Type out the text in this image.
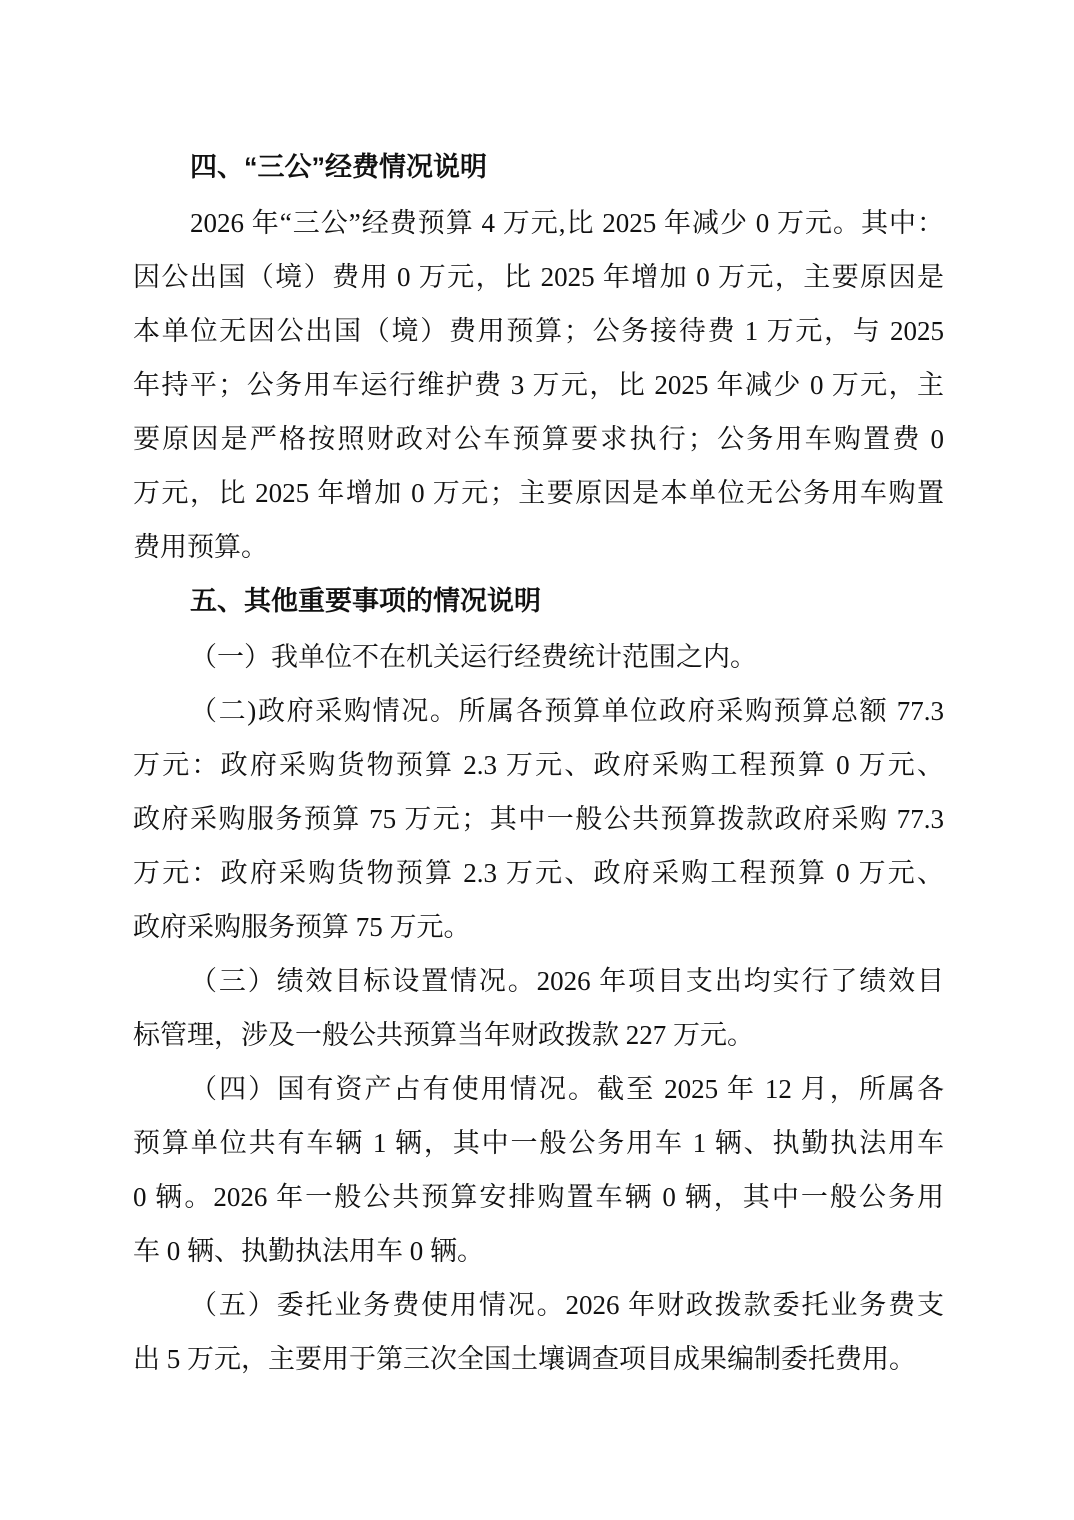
四、“三公”经费情况说明
2026 年“三公”经费预算 4 万元,比 2025 年减少 0 万元。其中：
因公出国（境）费用 0 万元，比 2025 年增加 0 万元，主要原因是
本单位无因公出国（境）费用预算；公务接待费 1 万元，与 2025
年持平；公务用车运行维护费 3 万元，比 2025 年减少 0 万元，主
要原因是严格按照财政对公车预算要求执行；公务用车购置费 0
万元，比 2025 年增加 0 万元；主要原因是本单位无公务用车购置
费用预算。
五、其他重要事项的情况说明
（一）我单位不在机关运行经费统计范围之内。
（二)政府采购情况。所属各预算单位政府采购预算总额 77.3
万元：政府采购货物预算 2.3 万元、政府采购工程预算 0 万元、
政府采购服务预算 75 万元；其中一般公共预算拨款政府采购 77.3
万元：政府采购货物预算 2.3 万元、政府采购工程预算 0 万元、
政府采购服务预算 75 万元。
（三）绩效目标设置情况。2026 年项目支出均实行了绩效目
标管理，涉及一般公共预算当年财政拨款 227 万元。
（四）国有资产占有使用情况。截至 2025 年 12 月，所属各
预算单位共有车辆 1 辆，其中一般公务用车 1 辆、执勤执法用车
0 辆。2026 年一般公共预算安排购置车辆 0 辆，其中一般公务用
车 0 辆、执勤执法用车 0 辆。
（五）委托业务费使用情况。2026 年财政拨款委托业务费支
出 5 万元，主要用于第三次全国土壤调查项目成果编制委托费用。
